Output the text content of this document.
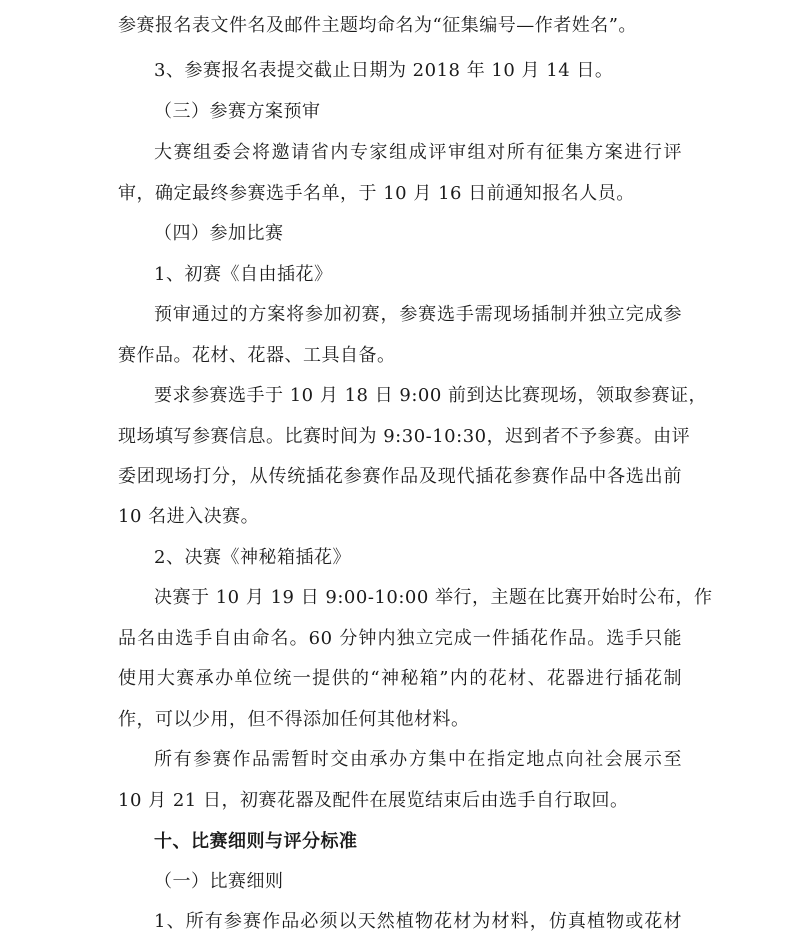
参赛报名表文件名及邮件主题均命名为“征集编号—作者姓名”。
3、参赛报名表提交截止日期为 2018 年 10 月 14 日。
（三）参赛方案预审
大赛组委会将邀请省内专家组成评审组对所有征集方案进行评
审，确定最终参赛选手名单，于 10 月 16 日前通知报名人员。
（四）参加比赛
1、初赛《自由插花》
预审通过的方案将参加初赛，参赛选手需现场插制并独立完成参
赛作品。花材、花器、工具自备。
要求参赛选手于 10 月 18 日 9:00 前到达比赛现场，领取参赛证，
现场填写参赛信息。比赛时间为 9:30-10:30，迟到者不予参赛。由评
委团现场打分，从传统插花参赛作品及现代插花参赛作品中各选出前
10 名进入决赛。
2、决赛《神秘箱插花》
决赛于 10 月 19 日 9:00-10:00 举行，主题在比赛开始时公布，作
品名由选手自由命名。60 分钟内独立完成一件插花作品。选手只能
使用大赛承办单位统一提供的“神秘箱”内的花材、花器进行插花制
作，可以少用，但不得添加任何其他材料。
所有参赛作品需暂时交由承办方集中在指定地点向社会展示至
10 月 21 日，初赛花器及配件在展览结束后由选手自行取回。
十、比赛细则与评分标准
（一）比赛细则
1、所有参赛作品必须以天然植物花材为材料，仿真植物或花材
